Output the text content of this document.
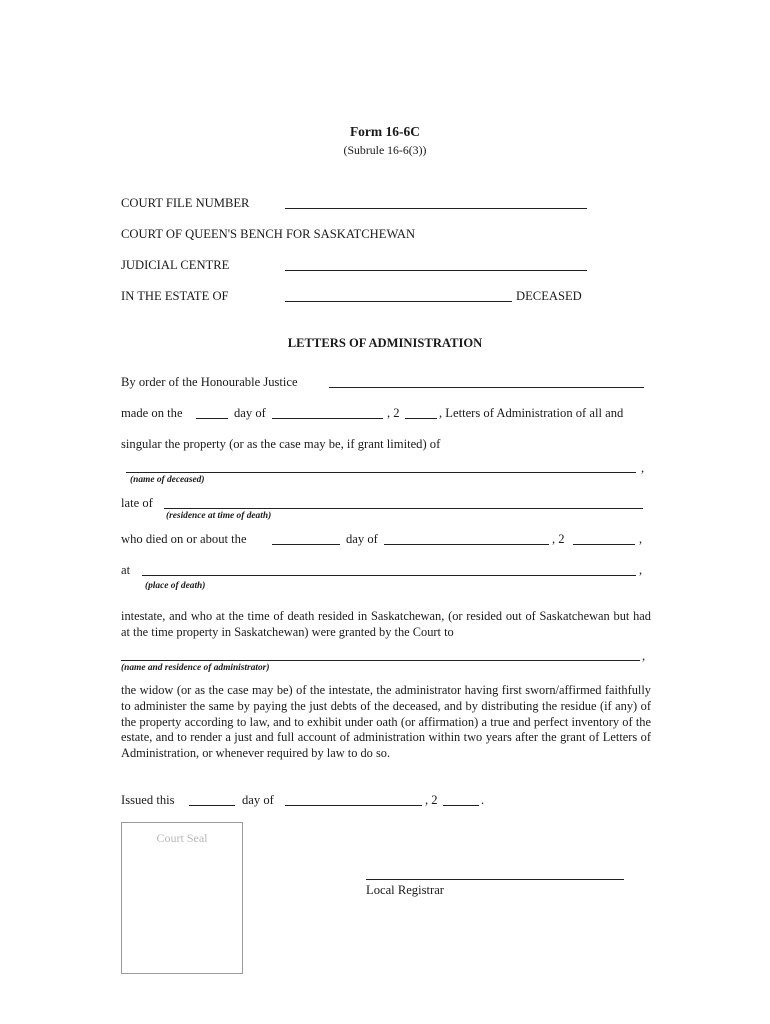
Form 16-6C
(Subrule 16-6(3))
COURT FILE NUMBER
COURT OF QUEEN'S BENCH FOR SASKATCHEWAN
JUDICIAL CENTRE
IN THE ESTATE OF	DECEASED
LETTERS OF ADMINISTRATION
By order of the Honourable Justice
made on the	day of	, 2	, Letters of Administration of all and
singular the property (or as the case may be, if grant limited) of
,
(name of deceased)
late of
(residence at time of death)
who died on or about the	day of	, 2	,
at	,
(place of death)

intestate, and who at the time of death resided in Saskatchewan, (or resided out of Saskatchewan but had at the time property in Saskatchewan) were granted by the Court to

,
(name and residence of administrator)

the widow (or as the case may be) of the intestate, the administrator having first sworn/affirmed faithfully to administer the same by paying the just debts of the deceased, and by distributing the residue (if any) of the property according to law, and to exhibit under oath (or affirmation) a true and perfect inventory of the estate, and to render a just and full account of administration within two years after the grant of Letters of Administration, or whenever required by law to do so.

Issued this	day of	, 2	.
Court Seal
Local Registrar
